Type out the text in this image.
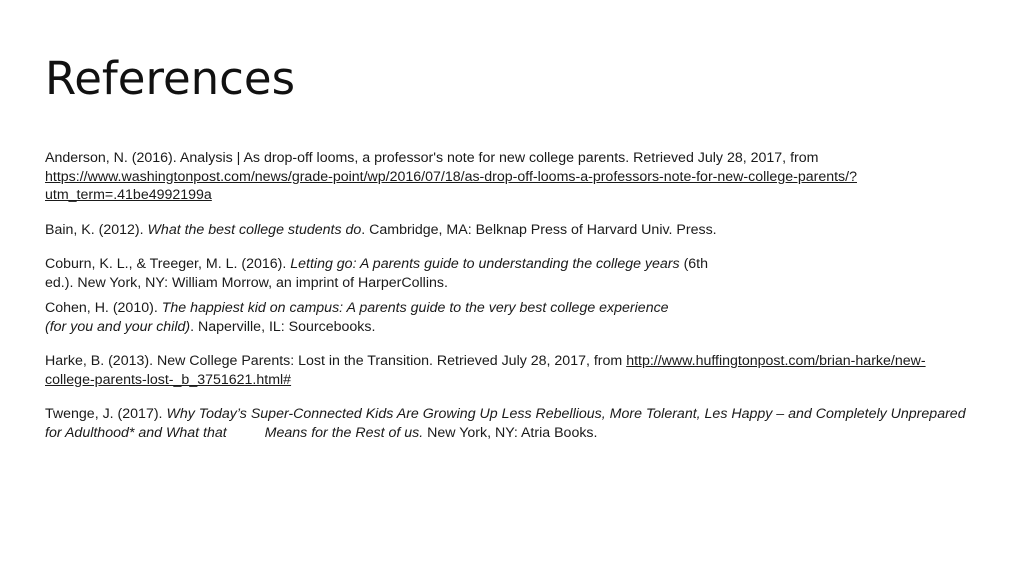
References

Anderson, N. (2016). Analysis | As drop-off looms, a professor's note for new college parents. Retrieved July 28, 2017, from https://www.washingtonpost.com/news/grade-point/wp/2016/07/18/as-drop-off-looms-a-professors-note-for-new-college-parents/?utm_term=.41be4992199a

Bain, K. (2012). What the best college students do. Cambridge, MA: Belknap Press of Harvard Univ. Press.

Coburn, K. L., & Treeger, M. L. (2016). Letting go: A parents guide to understanding the college years (6th ed.). New York, NY: William Morrow, an imprint of HarperCollins.

Cohen, H. (2010). The happiest kid on campus: A parents guide to the very best college experience (for you and your child). Naperville, IL: Sourcebooks.

Harke, B. (2013). New College Parents: Lost in the Transition. Retrieved July 28, 2017, from http://www.huffingtonpost.com/brian-harke/new-college-parents-lost-_b_3751621.html#

Twenge, J. (2017). Why Today’s Super-Connected Kids Are Growing Up Less Rebellious, More Tolerant, Les Happy – and Completely Unprepared for Adulthood* and What that	Means for the Rest of us. New York, NY: Atria Books.
